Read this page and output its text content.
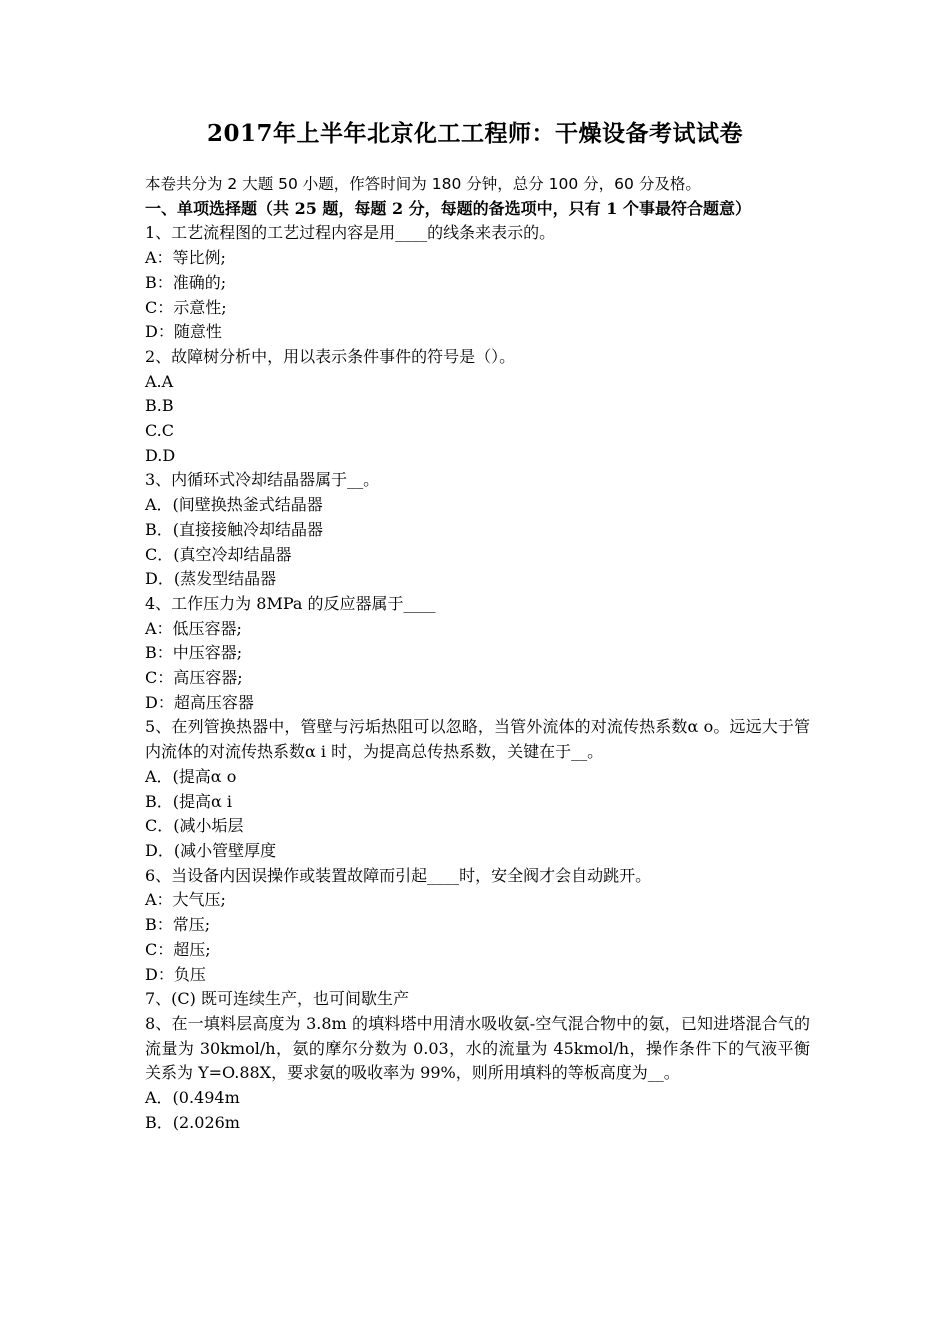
2017年上半年北京化工工程师：干燥设备考试试卷
本卷共分为 2 大题 50 小题，作答时间为 180 分钟，总分 100 分，60 分及格。
一、单项选择题（共 25 题，每题 2 分，每题的备选项中，只有 1 个事最符合题意）
1、工艺流程图的工艺过程内容是用____的线条来表示的。
A：等比例;
B：准确的;
C：示意性;
D：随意性
2、故障树分析中，用以表示条件事件的符号是（）。
A.A
B.B
C.C
D.D
3、内循环式冷却结晶器属于__。
A．(间壁换热釜式结晶器
B．(直接接触冷却结晶器
C．(真空冷却结晶器
D．(蒸发型结晶器
4、工作压力为 8MPa 的反应器属于____
A：低压容器;
B：中压容器;
C：高压容器;
D：超高压容器
5、在列管换热器中，管壁与污垢热阻可以忽略，当管外流体的对流传热系数α o。远远大于管内流体的对流传热系数α i 时，为提高总传热系数，关键在于__。
A．(提高α o
B．(提高α i
C．(减小垢层
D．(减小管壁厚度
6、当设备内因误操作或装置故障而引起____时，安全阀才会自动跳开。
A：大气压;
B：常压;
C：超压;
D：负压
7、(C) 既可连续生产，也可间歇生产
8、在一填料层高度为 3.8m 的填料塔中用清水吸收氨-空气混合物中的氨，已知进塔混合气的流量为 30kmol/h，氨的摩尔分数为 0.03，水的流量为 45kmol/h，操作条件下的气液平衡关系为 Y=O.88X，要求氨的吸收率为 99%，则所用填料的等板高度为__。
A．(0.494m
B．(2.026m
